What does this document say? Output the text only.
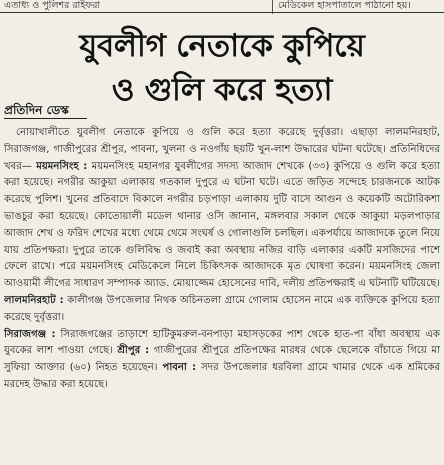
এতাধ্য ও পুলিশর রাইফরা	মেডিকেল হাসপাতালে পাঠানো হয়।
যুবলীগ নেতাকে কুপিয়ে
ও গুলি করে হত্যা
প্রতিদিন ডেস্ক

নোয়াখালীতে যুবলীগ নেতাকে কুপিয়ে ও গুলি করে হত্যা করেছে দুর্বৃত্তরা। এছাড়া লালমনিরহাট, সিরাজগঞ্জ, গাজীপুরের শ্রীপুর, পাবনা, খুলনা ও নওগাঁয় ছয়টি খুন-লাশ উদ্ধারের ঘটনা ঘটেছে। প্রতিনিধিদের খবর— ময়মনসিংহ : ময়মনসিংহ মহানগর যুবলীগের সদস্য আজাদ শেখকে (৩৩) কুপিয়ে ও গুলি করে হত্যা করা হয়েছে। নগরীর আকুয়া এলাকায় গতকাল দুপুরে এ ঘটনা ঘটে। এতে জড়িত সন্দেহে চারজনকে আটক করেছে পুলিশ। খুনের প্রতিবাদে বিকালে নগরীর চড়পাড়া এলাকায় দুটি বাসে আগুন ও কয়েকটি অটোরিকশা ভাঙচুর করা হয়েছে। কোতোয়ালী মডেল থানার ওসি জানান, মঙ্গলবার সকাল থেকে আকুয়া মড়লপাড়ার আজাদ শেখ ও ফরিদ শেখের মধ্যে থেমে থেমে সংঘর্ষ ও গোলাগুলি চলছিল। একপর্যায়ে আজাদকে তুলে নিয়ে যায় প্রতিপক্ষরা। দুপুরে তাকে গুলিবিদ্ধ ও জবাই করা অবস্থায় নজির বাড়ি এলাকার একটি মসজিদের পাশে ফেলে রাখে। পরে ময়মনসিংহ মেডিকেলে নিলে চিকিৎসক আজাদকে মৃত ঘোষণা করেন। ময়মনসিংহ জেলা আওয়ামী লীগের সাধারণ সম্পাদক অ্যাড. মোয়াজ্জেম হোসেনের দাবি, দলীয় প্রতিপক্ষরাই এ ঘটনাটি ঘটিয়েছে। লালমনিরহাট : কালীগঞ্জ উপজেলার নিথক অচিনতলা গ্রামে গোলাম হোসেন নামে এক ব্যক্তিকে কুপিয়ে হত্যা করেছে দুর্বৃত্তরা।

সিরাজগঞ্জ : সিরাজগঞ্জের তাড়াশে হাটিকুমরুল-বনপাড়া মহাসড়কের পাশ থেকে হাত-পা বাঁধা অবস্থায় এক যুবকের লাশ পাওয়া গেছে। শ্রীপুর : গাজীপুরের শ্রীপুরে প্রতিপক্ষের মারধর থেকে ছেলেকে বাঁচাতে গিয়ে মা সুফিয়া আক্তার (৬০) নিহত হয়েছেন। পাবনা : সদর উপজেলার ধরবিলা গ্রামে খামার থেকে এক শ্রমিকের মরদেহ উদ্ধার করা হয়েছে।
